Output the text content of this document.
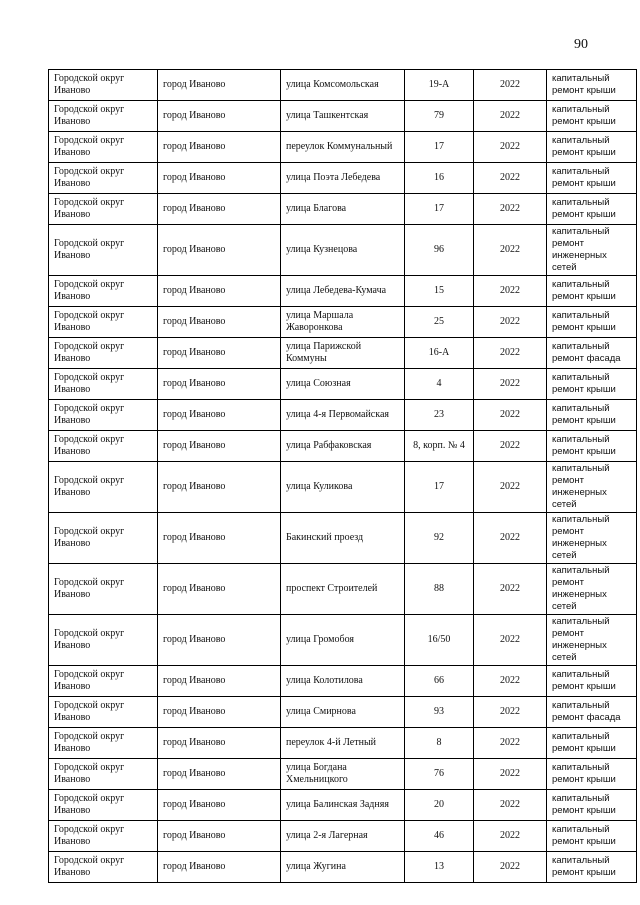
90
Городской округ Иваново	город Иваново	улица Комсомольская	19-А	2022	капитальный ремонт крыши
Городской округ Иваново	город Иваново	улица Ташкентская	79	2022	капитальный ремонт крыши
Городской округ Иваново	город Иваново	переулок Коммунальный	17	2022	капитальный ремонт крыши
Городской округ Иваново	город Иваново	улица Поэта Лебедева	16	2022	капитальный ремонт крыши
Городской округ Иваново	город Иваново	улица Благова	17	2022	капитальный ремонт крыши
Городской округ Иваново	город Иваново	улица Кузнецова	96	2022	капитальный ремонт инженерных сетей
Городской округ Иваново	город Иваново	улица Лебедева-Кумача	15	2022	капитальный ремонт крыши
Городской округ Иваново	город Иваново	улица Маршала Жаворонкова	25	2022	капитальный ремонт крыши
Городской округ Иваново	город Иваново	улица Парижской Коммуны	16-А	2022	капитальный ремонт фасада
Городской округ Иваново	город Иваново	улица Союзная	4	2022	капитальный ремонт крыши
Городской округ Иваново	город Иваново	улица 4-я Первомайская	23	2022	капитальный ремонт крыши
Городской округ Иваново	город Иваново	улица Рабфаковская	8, корп. № 4	2022	капитальный ремонт крыши
Городской округ Иваново	город Иваново	улица Куликова	17	2022	капитальный ремонт инженерных сетей
Городской округ Иваново	город Иваново	Бакинский проезд	92	2022	капитальный ремонт инженерных сетей
Городской округ Иваново	город Иваново	проспект Строителей	88	2022	капитальный ремонт инженерных сетей
Городской округ Иваново	город Иваново	улица Громобоя	16/50	2022	капитальный ремонт инженерных сетей
Городской округ Иваново	город Иваново	улица Колотилова	66	2022	капитальный ремонт крыши
Городской округ Иваново	город Иваново	улица Смирнова	93	2022	капитальный ремонт фасада
Городской округ Иваново	город Иваново	переулок 4-й Летный	8	2022	капитальный ремонт крыши
Городской округ Иваново	город Иваново	улица Богдана Хмельницкого	76	2022	капитальный ремонт крыши
Городской округ Иваново	город Иваново	улица Балинская Задняя	20	2022	капитальный ремонт крыши
Городской округ Иваново	город Иваново	улица 2-я Лагерная	46	2022	капитальный ремонт крыши
Городской округ Иваново	город Иваново	улица Жугина	13	2022	капитальный ремонт крыши
